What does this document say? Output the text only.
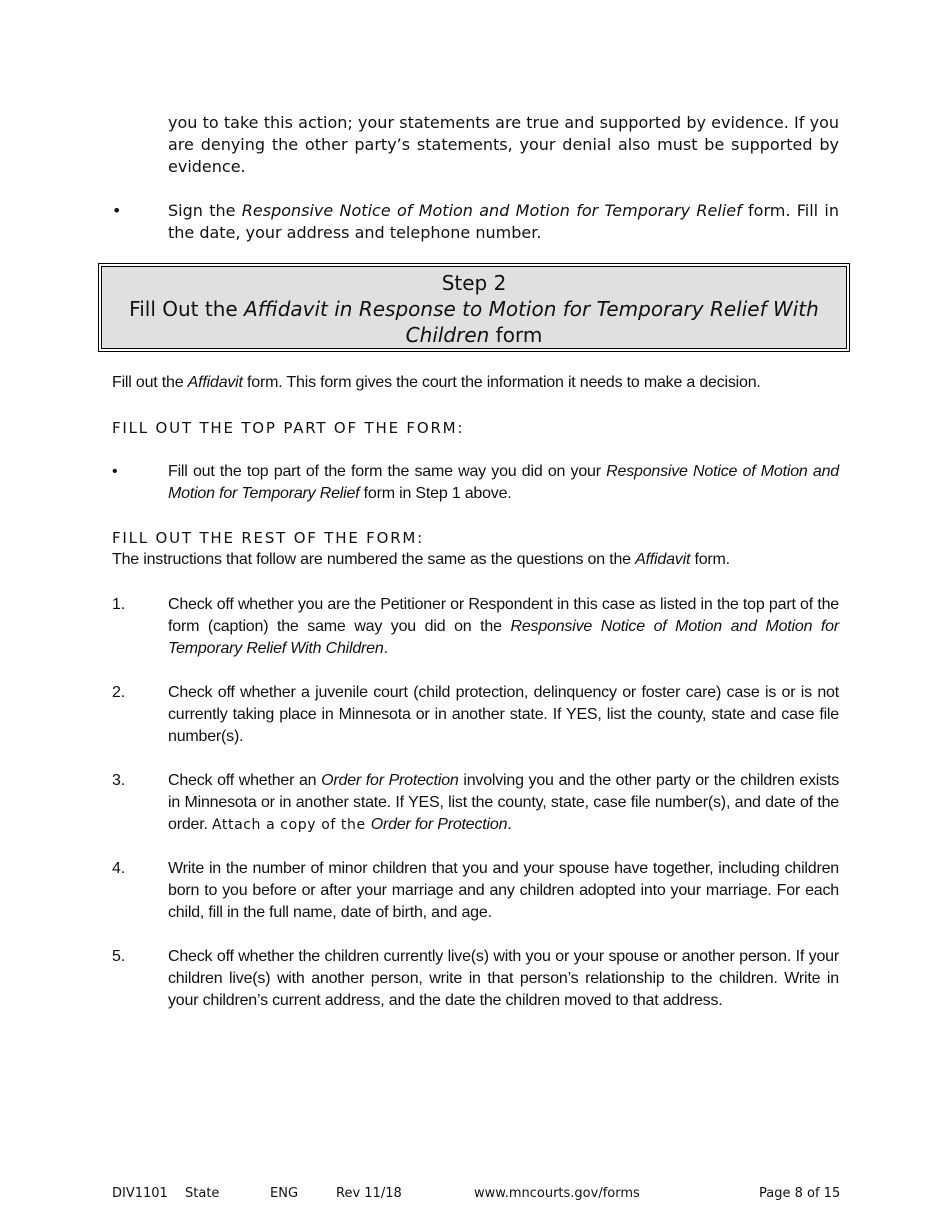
you to take this action; your statements are true and supported by evidence. If you are denying the other party’s statements, your denial also must be supported by evidence.
•	Sign the Responsive Notice of Motion and Motion for Temporary Relief form. Fill in the date, your address and telephone number.
Step 2
Fill Out the Affidavit in Response to Motion for Temporary Relief With
Children form
Fill out the Affidavit form. This form gives the court the information it needs to make a decision.
FILL OUT THE TOP PART OF THE FORM:
•	Fill out the top part of the form the same way you did on your Responsive Notice of Motion and Motion for Temporary Relief form in Step 1 above.
FILL OUT THE REST OF THE FORM:
The instructions that follow are numbered the same as the questions on the Affidavit form.
1.	Check off whether you are the Petitioner or Respondent in this case as listed in the top part of the form (caption) the same way you did on the Responsive Notice of Motion and Motion for Temporary Relief With Children.
2.	Check off whether a juvenile court (child protection, delinquency or foster care) case is or is not currently taking place in Minnesota or in another state. If YES, list the county, state and case file number(s).
3.	Check off whether an Order for Protection involving you and the other party or the children exists in Minnesota or in another state. If YES, list the county, state, case file number(s), and date of the order. Attach a copy of the Order for Protection.
4.	Write in the number of minor children that you and your spouse have together, including children born to you before or after your marriage and any children adopted into your marriage. For each child, fill in the full name, date of birth, and age.
5.	Check off whether the children currently live(s) with you or your spouse or another person. If your children live(s) with another person, write in that person’s relationship to the children. Write in your children’s current address, and the date the children moved to that address.
DIV1101 State	ENG	Rev 11/18	www.mncourts.gov/forms	Page 8 of 15
